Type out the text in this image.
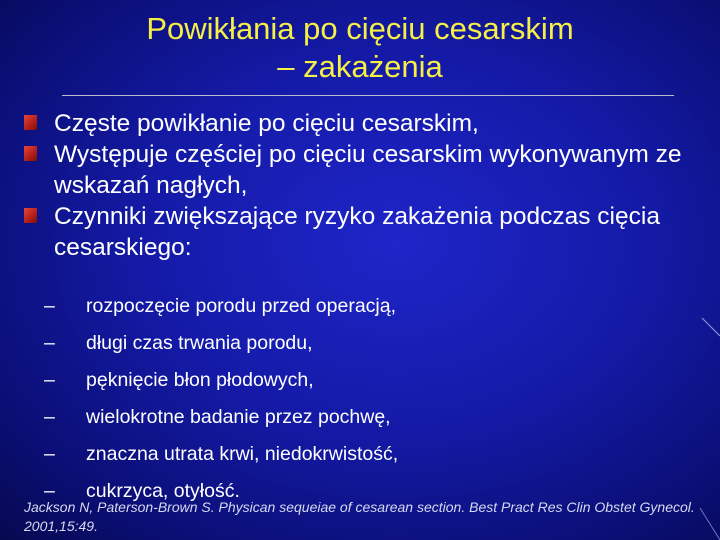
Powikłania po cięciu cesarskim
– zakażenia
Częste powikłanie po cięciu cesarskim,
Występuje częściej po cięciu cesarskim wykonywanym ze wskazań nagłych,
Czynniki zwiększające ryzyko zakażenia podczas cięcia cesarskiego:
– rozpoczęcie porodu przed operacją,
– długi czas trwania porodu,
– pęknięcie błon płodowych,
– wielokrotne badanie przez pochwę,
– znaczna utrata krwi, niedokrwistość,
– cukrzyca, otyłość.
Jackson N, Paterson-Brown S. Physican sequeiae of cesarean section. Best Pract Res Clin Obstet Gynecol. 2001,15:49.
